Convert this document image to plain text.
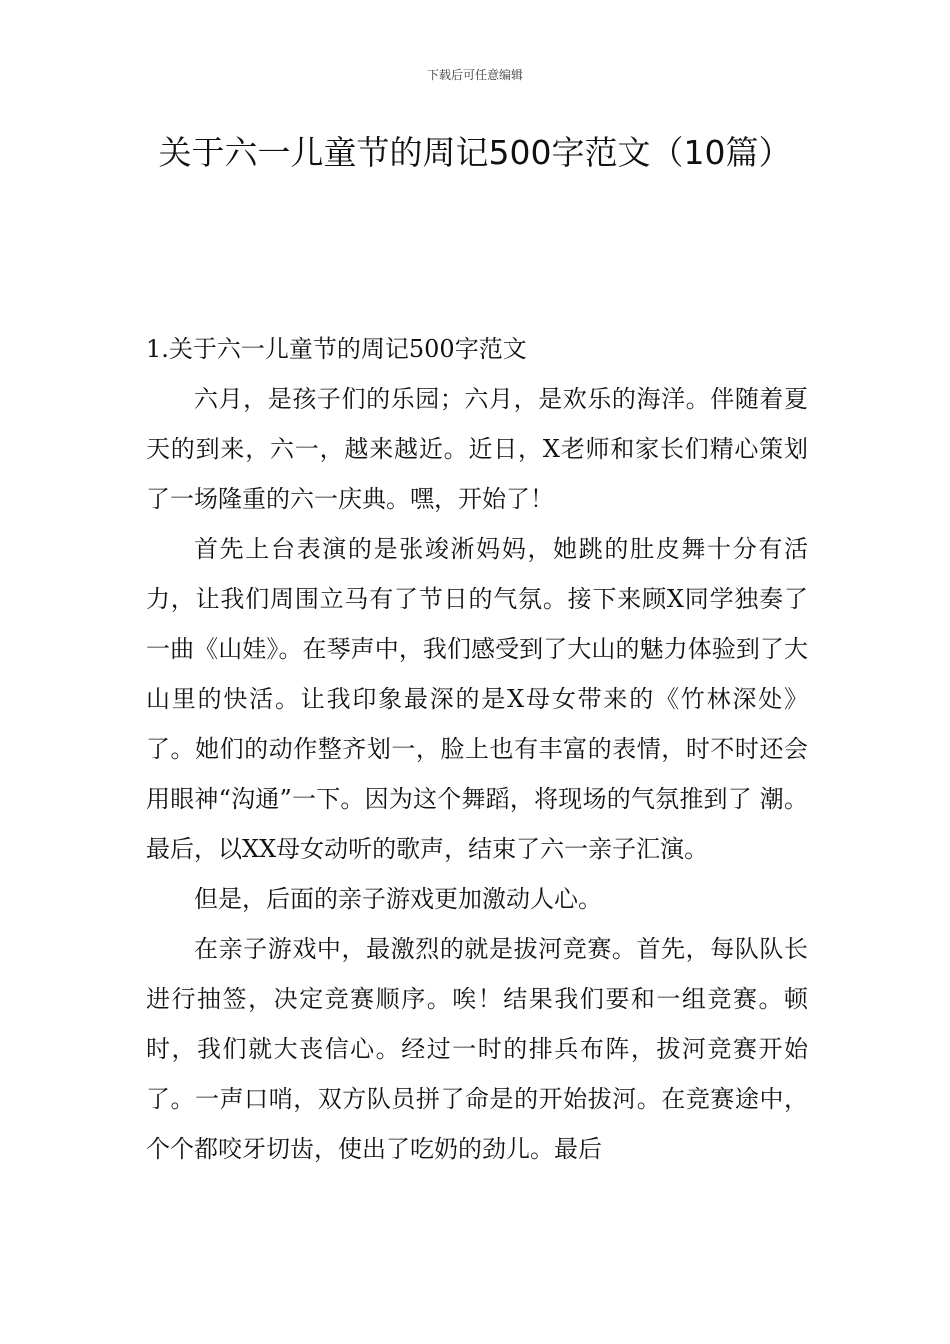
下载后可任意编辑
关于六一儿童节的周记500字范文（10篇）

1.关于六一儿童节的周记500字范文

六月，是孩子们的乐园；六月，是欢乐的海洋。伴随着夏天的到来，六一，越来越近。近日，X老师和家长们精心策划了一场隆重的六一庆典。嘿，开始了！

首先上台表演的是张竣淅妈妈，她跳的肚皮舞十分有活力，让我们周围立马有了节日的气氛。接下来顾X同学独奏了一曲《山娃》。在琴声中，我们感受到了大山的魅力体验到了大山里的快活。让我印象最深的是X母女带来的《竹林深处》了。她们的动作整齐划一，脸上也有丰富的表情，时不时还会用眼神“沟通”一下。因为这个舞蹈，将现场的气氛推到了 潮。最后，以XX母女动听的歌声，结束了六一亲子汇演。

但是，后面的亲子游戏更加激动人心。

在亲子游戏中，最激烈的就是拔河竞赛。首先，每队队长进行抽签，决定竞赛顺序。唉！结果我们要和一组竞赛。顿时，我们就大丧信心。经过一时的排兵布阵，拔河竞赛开始了。一声口哨，双方队员拼了命是的开始拔河。在竞赛途中，个个都咬牙切齿，使出了吃奶的劲儿。最后
